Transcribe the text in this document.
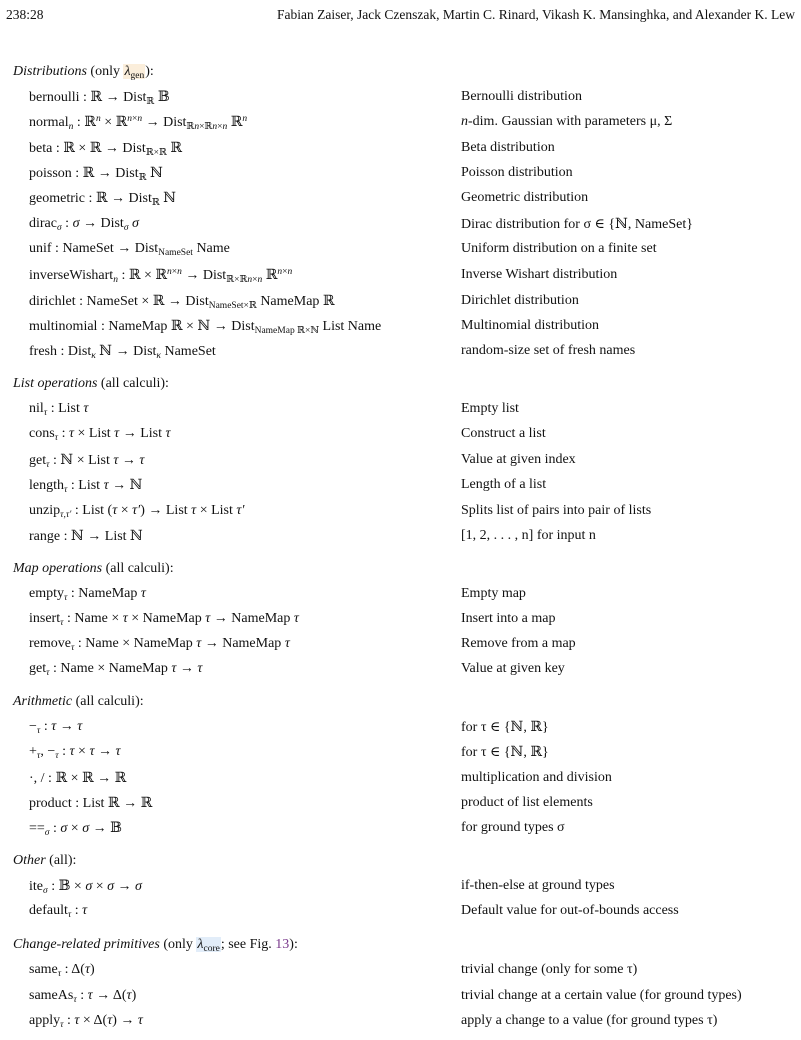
238:28	Fabian Zaiser, Jack Czenszak, Martin C. Rinard, Vikash K. Mansinghka, and Alexander K. Lew
Distributions (only $\lambda_{gen}$):
bernoulli : ℝ → Dist$_ℝ$ 𝔹	Bernoulli distribution
normal$_n$ : ℝ$^n$ × ℝ$^{n\times n}$ → Dist$_{ℝn\times ℝn\times n}$ ℝ$^n$	n-dim. Gaussian with parameters μ, Σ
beta : ℝ × ℝ → Dist$_{ℝ\times ℝ}$ ℝ	Beta distribution
poisson : ℝ → Dist$_ℝ$ ℕ	Poisson distribution
geometric : ℝ → Dist$_ℝ$ ℕ	Geometric distribution
dirac$_\sigma$ : σ → Dist$_\sigma$ σ	Dirac distribution for σ ∈ {ℕ, NameSet}
unif : NameSet → Dist$_{NameSet}$ Name	Uniform distribution on a finite set
inverseWishart$_n$ : ℝ × ℝ$^{n\times n}$ → Dist$_{ℝ\times ℝn\times n}$ ℝ$^{n\times n}$	Inverse Wishart distribution
dirichlet : NameSet × ℝ → Dist$_{NameSet\times ℝ}$ NameMap ℝ	Dirichlet distribution
multinomial : NameMap ℝ × ℕ → Dist$_{NameMap ℝ\times ℕ}$ List Name	Multinomial distribution
fresh : Dist$_\kappa$ ℕ → Dist$_\kappa$ NameSet	random-size set of fresh names
List operations (all calculi):
nil$_\tau$ : List τ	Empty list
cons$_\tau$ : τ × List τ → List τ	Construct a list
get$_\tau$ : ℕ × List τ → τ	Value at given index
length$_\tau$ : List τ → ℕ	Length of a list
unzip$_{\tau,\tau'}$ : List (τ × τ′) → List τ × List τ′	Splits list of pairs into pair of lists
range : ℕ → List ℕ	[1, 2, . . . , n] for input n
Map operations (all calculi):
empty$_\tau$ : NameMap τ	Empty map
insert$_\tau$ : Name × τ × NameMap τ → NameMap τ	Insert into a map
remove$_\tau$ : Name × NameMap τ → NameMap τ	Remove from a map
get$_\tau$ : Name × NameMap τ → τ	Value at given key
Arithmetic (all calculi):
$-_\tau$ : τ → τ	for τ ∈ {ℕ, ℝ}
$+_\tau$, $-_\tau$ : τ × τ → τ	for τ ∈ {ℕ, ℝ}
·, / : ℝ × ℝ → ℝ	multiplication and division
product : List ℝ → ℝ	product of list elements
$==_\sigma$ : σ × σ → 𝔹	for ground types σ
Other (all):
ite$_\sigma$ : 𝔹 × σ × σ → σ	if-then-else at ground types
default$_\tau$ : τ	Default value for out-of-bounds access
Change-related primitives (only $\lambda_{core}$; see Fig. 13):
same$_\tau$ : Δ(τ)	trivial change (only for some τ)
sameAs$_\tau$ : τ → Δ(τ)	trivial change at a certain value (for ground types)
apply$_\tau$ : τ × Δ(τ) → τ	apply a change to a value (for ground types τ)
